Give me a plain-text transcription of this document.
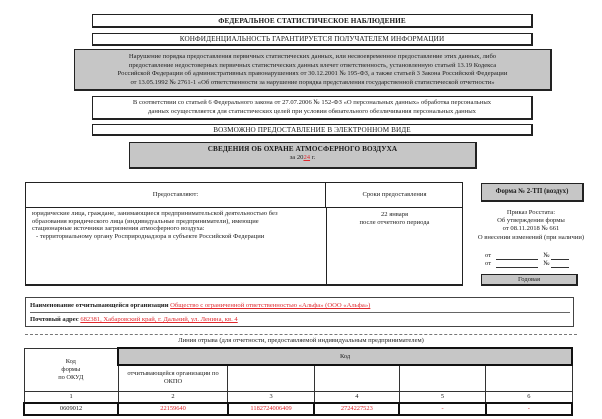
ФЕДЕРАЛЬНОЕ СТАТИСТИЧЕСКОЕ НАБЛЮДЕНИЕ
КОНФИДЕНЦИАЛЬНОСТЬ ГАРАНТИРУЕТСЯ ПОЛУЧАТЕЛЕМ ИНФОРМАЦИИ
Нарушение порядка предоставления первичных статистических данных, или несвоевременное предоставление этих данных, либо
предоставление недостоверных первичных статистических данных влечет ответственность, установленную статьей 13.19 Кодекса
Российской Федерации об административных правонарушениях от 30.12.2001 № 195-ФЗ, а также статьей 3 Закона Российской Федерации
от 13.05.1992 № 2761-1 «Об ответственности за нарушение порядка представления государственной статистической отчетности»
В соответствии со статьей 6 Федерального закона от 27.07.2006 № 152-ФЗ «О персональных данных» обработка персональных
данных осуществляется для статистических целей при условии обязательного обезличивания персональных данных
ВОЗМОЖНО ПРЕДОСТАВЛЕНИЕ В ЭЛЕКТРОННОМ ВИДЕ
СВЕДЕНИЯ ОБ ОХРАНЕ АТМОСФЕРНОГО ВОЗДУХА
за 2024 г.
Предоставляют:	Сроки предоставления
юридические лица, граждане, занимающиеся предпринимательской деятельностью без
образования юридического лица (индивидуальные предприниматели), имеющие
стационарные источники загрязнения атмосферного воздуха:
- территориальному органу Росприроднадзора в субъекте Российской Федерации
22 января
после отчетного периода
Форма № 2-ТП (воздух)
Приказ Росстата:
Об утверждении формы
от 08.11.2018 № 661
О внесении изменений (при наличии)
от	№
от	№
Годовая
Наименование отчитывающейся организации Общество с ограниченной ответственностью «Альфа» (ООО «Альфа»)
Почтовый адрес 682381, Хабаровский край, г. Дальний, ул. Ленина, кв. 4
Линия отрыва (для отчетности, предоставляемой индивидуальным предпринимателем)
Код
формы
по ОКУД	Код				
	отчитывающейся организации по ОКПО				
1	2	3	4	5	6
0609012	22159640	1182724006409	2724227523	-	-
